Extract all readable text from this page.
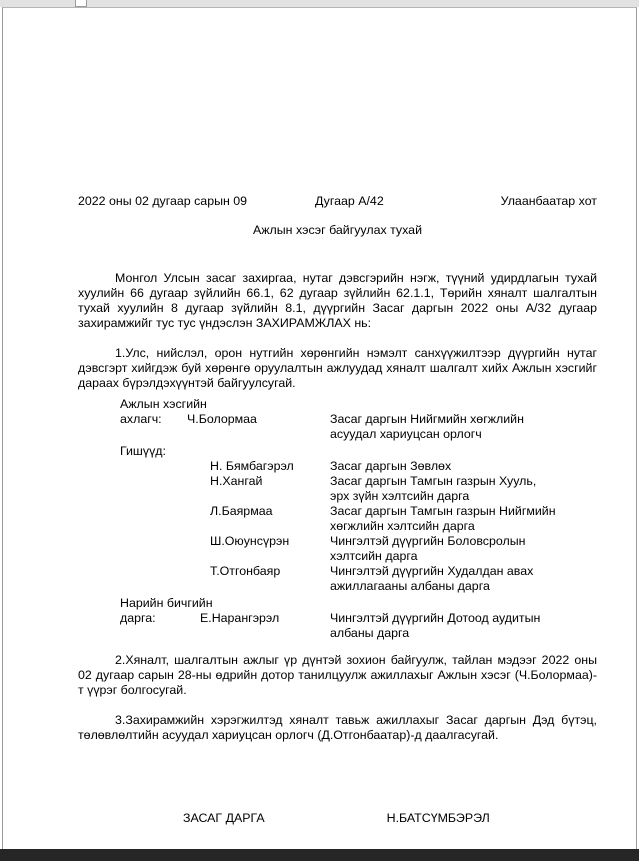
2022 оны 02 дугаар сарын 09	Дугаар А/42	Улаанбаатар хот
Ажлын хэсэг байгуулах тухай
Монгол Улсын засаг захиргаа, нутаг дэвсгэрийн нэгж, түүний удирдлагын тухай хуулийн 66 дугаар зүйлийн 66.1, 62 дугаар зүйлийн 62.1.1, Төрийн хяналт шалгалтын тухай хуулийн 8 дугаар зүйлийн 8.1, дүүргийн Засаг даргын 2022 оны А/32 дугаар захирамжийг тус тус үндэслэн ЗАХИРАМЖЛАХ нь:
1.Улс, нийслэл, орон нутгийн хөрөнгийн нэмэлт санхүүжилтээр дүүргийн нутаг дэвсгэрт хийгдэж буй хөрөнгө оруулалтын ажлуудад хяналт шалгалт хийх Ажлын хэсгийг дараах бүрэлдэхүүнтэй байгуулсугай.
Ажлын хэсгийн
ахлагч:	Ч.Болормаа	Засаг даргын Нийгмийн хөгжлийн
асуудал хариуцсан орлогч
Гишүүд:
Н. Бямбагэрэл	Засаг даргын Зөвлөх
Н.Хангай	Засаг даргын Тамгын газрын Хууль,
эрх зүйн хэлтсийн дарга
Л.Баярмаа	Засаг даргын Тамгын газрын Нийгмийн
хөгжлийн хэлтсийн дарга
Ш.Оюунсүрэн	Чингэлтэй дүүргийн Боловсролын
хэлтсийн дарга
Т.Отгонбаяр	Чингэлтэй дүүргийн Худалдан авах
ажиллагааны албаны дарга
Нарийн бичгийн
дарга:	Е.Нарангэрэл	Чингэлтэй дүүргийн Дотоод аудитын
албаны дарга
2.Хяналт, шалгалтын ажлыг үр дүнтэй зохион байгуулж, тайлан мэдээг 2022 оны 02 дугаар сарын 28-ны өдрийн дотор танилцуулж ажиллахыг Ажлын хэсэг (Ч.Болормаа)-т үүрэг болгосугай.
3.Захирамжийн хэрэгжилтэд хяналт тавьж ажиллахыг Засаг даргын Дэд бүтэц, төлөвлөлтийн асуудал хариуцсан орлогч (Д.Отгонбаатар)-д даалгасугай.
ЗАСАГ ДАРГА	Н.БАТСҮМБЭРЭЛ
